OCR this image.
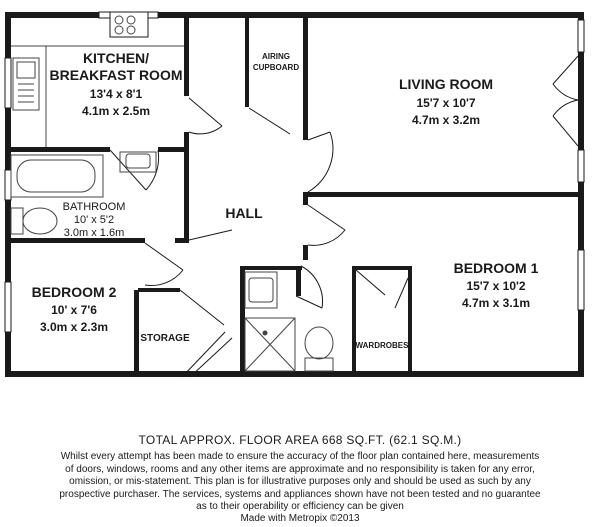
KITCHEN/
BREAKFAST ROOM
13'4 x 8'1
4.1m x 2.5m
AIRING
CUPBOARD
LIVING ROOM
15'7 x 10'7
4.7m x 3.2m
BATHROOM
10' x 5'2
3.0m x 1.6m
HALL
BEDROOM 1
15'7 x 10'2
4.7m x 3.1m
BEDROOM 2
10' x 7'6
3.0m x 2.3m
STORAGE
WARDROBES
TOTAL APPROX. FLOOR AREA 668 SQ.FT. (62.1 SQ.M.)
Whilst every attempt has been made to ensure the accuracy of the floor plan contained here, measurements
of doors, windows, rooms and any other items are approximate and no responsibility is taken for any error,
omission, or mis-statement. This plan is for illustrative purposes only and should be used as such by any
prospective purchaser. The services, systems and appliances shown have not been tested and no guarantee
as to their operability or efficiency can be given
Made with Metropix ©2013
